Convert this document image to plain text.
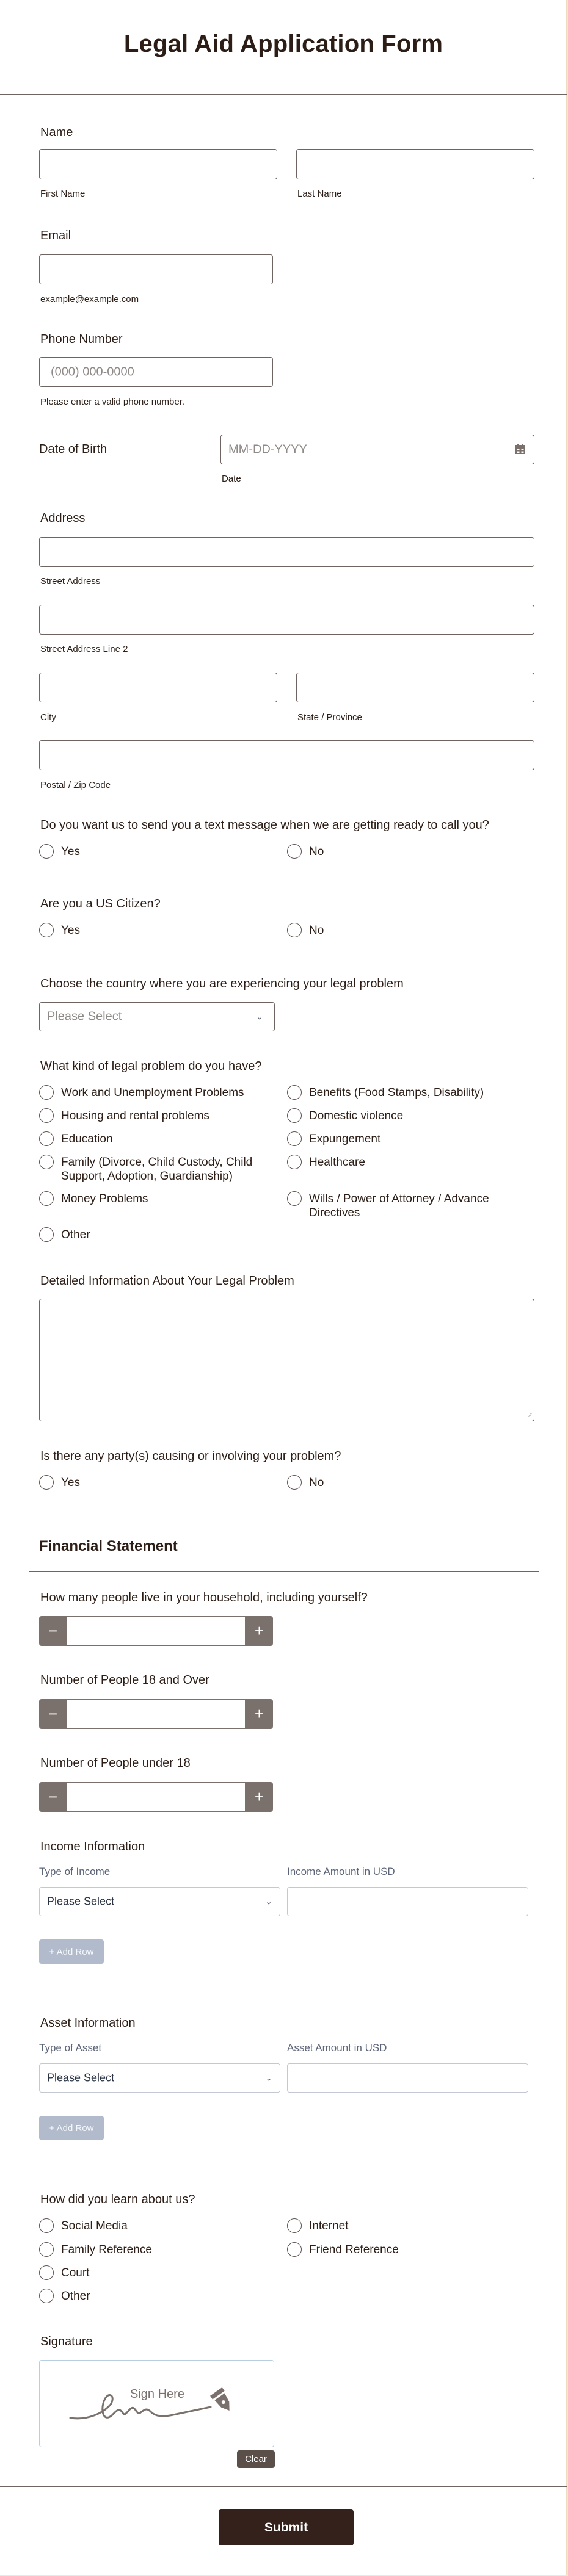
Legal Aid Application Form
Name
First Name	Last Name
Email
example@example.com
Phone Number
(000) 000-0000
Please enter a valid phone number.
Date of Birth	MM-DD-YYYY
Date
Address
Street Address
Street Address Line 2
City	State / Province
Postal / Zip Code
Do you want us to send you a text message when we are getting ready to call you?
Yes	No
Are you a US Citizen?
Yes	No
Choose the country where you are experiencing your legal problem
Please Select	⌄
What kind of legal problem do you have?
Work and Unemployment Problems	Benefits (Food Stamps, Disability)
Housing and rental problems	Domestic violence
Education	Expungement
Family (Divorce, Child Custody, Child Support, Adoption, Guardianship)
Healthcare
Money Problems	Wills / Power of Attorney / Advance Directives
Other
Detailed Information About Your Legal Problem
∕∕
Is there any party(s) causing or involving your problem?
Yes	No
Financial Statement
How many people live in your household, including yourself?
−	+
Number of People 18 and Over
−	+
Number of People under 18
−	+
Income Information
Type of Income	Income Amount in USD
Please Select	⌄
+ Add Row
Asset Information
Type of Asset	Asset Amount in USD
Please Select	⌄
+ Add Row
How did you learn about us?
Social Media	Internet
Family Reference	Friend Reference
Court
Other
Signature
Sign Here
Clear
Submit
